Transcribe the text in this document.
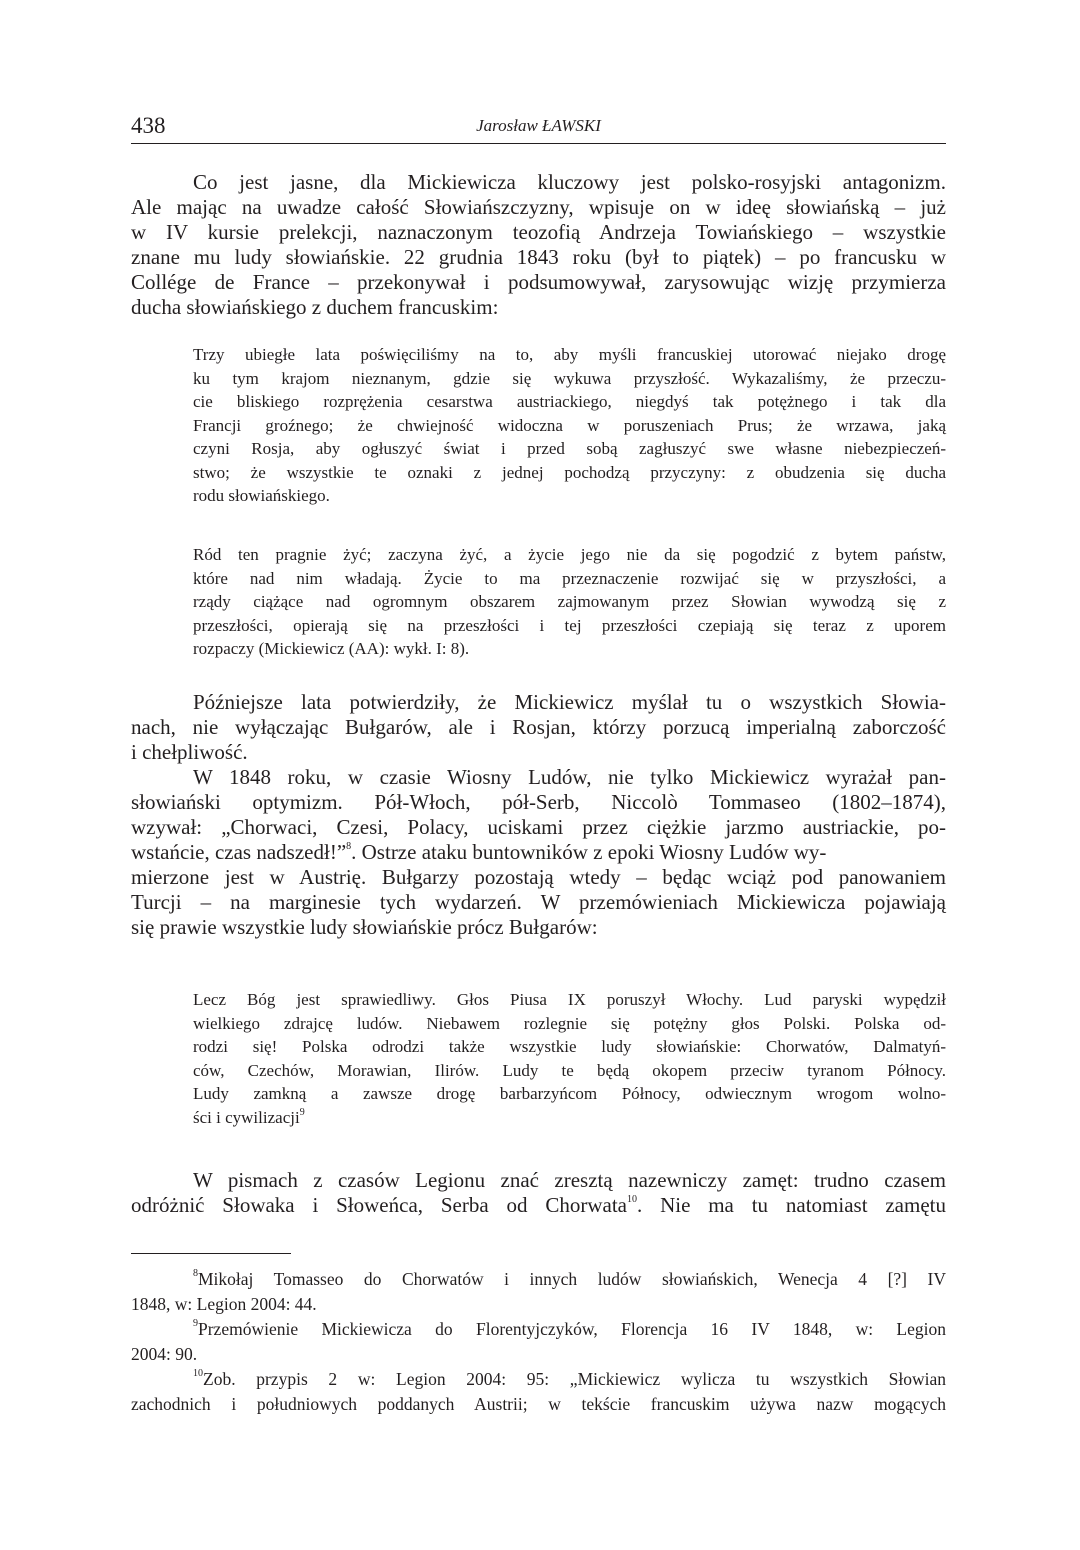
438	Jarosław ŁAWSKI
Co jest jasne, dla Mickiewicza kluczowy jest polsko-rosyjski antagonizm.
Ale mając na uwadze całość Słowiańszczyzny, wpisuje on w ideę słowiańską – już
w IV kursie prelekcji, naznaczonym teozofią Andrzeja Towiańskiego – wszystkie
znane mu ludy słowiańskie. 22 grudnia 1843 roku (był to piątek) – po francusku w
Collége de France – przekonywał i podsumowywał, zarysowując wizję przymierza
ducha słowiańskiego z duchem francuskim:
Trzy ubiegłe lata poświęciliśmy na to, aby myśli francuskiej utorować niejako drogę
ku tym krajom nieznanym, gdzie się wykuwa przyszłość. Wykazaliśmy, że przeczu-
cie bliskiego rozprężenia cesarstwa austriackiego, niegdyś tak potężnego i tak dla
Francji groźnego; że chwiejność widoczna w poruszeniach Prus; że wrzawa, jaką
czyni Rosja, aby ogłuszyć świat i przed sobą zagłuszyć swe własne niebezpieczeń-
stwo; że wszystkie te oznaki z jednej pochodzą przyczyny: z obudzenia się ducha
rodu słowiańskiego.
Ród ten pragnie żyć; zaczyna żyć, a życie jego nie da się pogodzić z bytem państw,
które nad nim władają. Życie to ma przeznaczenie rozwijać się w przyszłości, a
rządy ciążące nad ogromnym obszarem zajmowanym przez Słowian wywodzą się z
przeszłości, opierają się na przeszłości i tej przeszłości czepiają się teraz z uporem
rozpaczy (Mickiewicz (AA): wykł. I: 8).
Późniejsze lata potwierdziły, że Mickiewicz myślał tu o wszystkich Słowia-
nach, nie wyłączając Bułgarów, ale i Rosjan, którzy porzucą imperialną zaborczość
i chełpliwość.
W 1848 roku, w czasie Wiosny Ludów, nie tylko Mickiewicz wyrażał pan-
słowiański optymizm. Pół-Włoch, pół-Serb, Niccolò Tommaseo (1802–1874),
wzywał: „Chorwaci, Czesi, Polacy, uciskami przez ciężkie jarzmo austriackie, po-
wstańcie, czas nadszedł!”$^8$. Ostrze ataku buntowników z epoki Wiosny Ludów wy-
mierzone jest w Austrię. Bułgarzy pozostają wtedy – będąc wciąż pod panowaniem
Turcji – na marginesie tych wydarzeń. W przemówieniach Mickiewicza pojawiają
się prawie wszystkie ludy słowiańskie prócz Bułgarów:
Lecz Bóg jest sprawiedliwy. Głos Piusa IX poruszył Włochy. Lud paryski wypędził
wielkiego zdrajcę ludów. Niebawem rozlegnie się potężny głos Polski. Polska od-
rodzi się! Polska odrodzi także wszystkie ludy słowiańskie: Chorwatów, Dalmatyń-
ców, Czechów, Morawian, Ilirów. Ludy te będą okopem przeciw tyranom Północy.
Ludy zamkną a zawsze drogę barbarzyńcom Północy, odwiecznym wrogom wolno-
ści i cywilizacji$^9$
W pismach z czasów Legionu znać zresztą nazewniczy zamęt: trudno czasem
odróżnić Słowaka i Słoweńca, Serba od Chorwata$^{10}$. Nie ma tu natomiast zamętu
$^8$Mikołaj Tomasseo do Chorwatów i innych ludów słowiańskich, Wenecja 4 [?] IV
1848, w: Legion 2004: 44.
$^9$Przemówienie Mickiewicza do Florentyjczyków, Florencja 16 IV 1848, w: Legion
2004: 90.
$^{10}$Zob. przypis 2 w: Legion 2004: 95: „Mickiewicz wylicza tu wszystkich Słowian
zachodnich i południowych poddanych Austrii; w tekście francuskim używa nazw mogących
